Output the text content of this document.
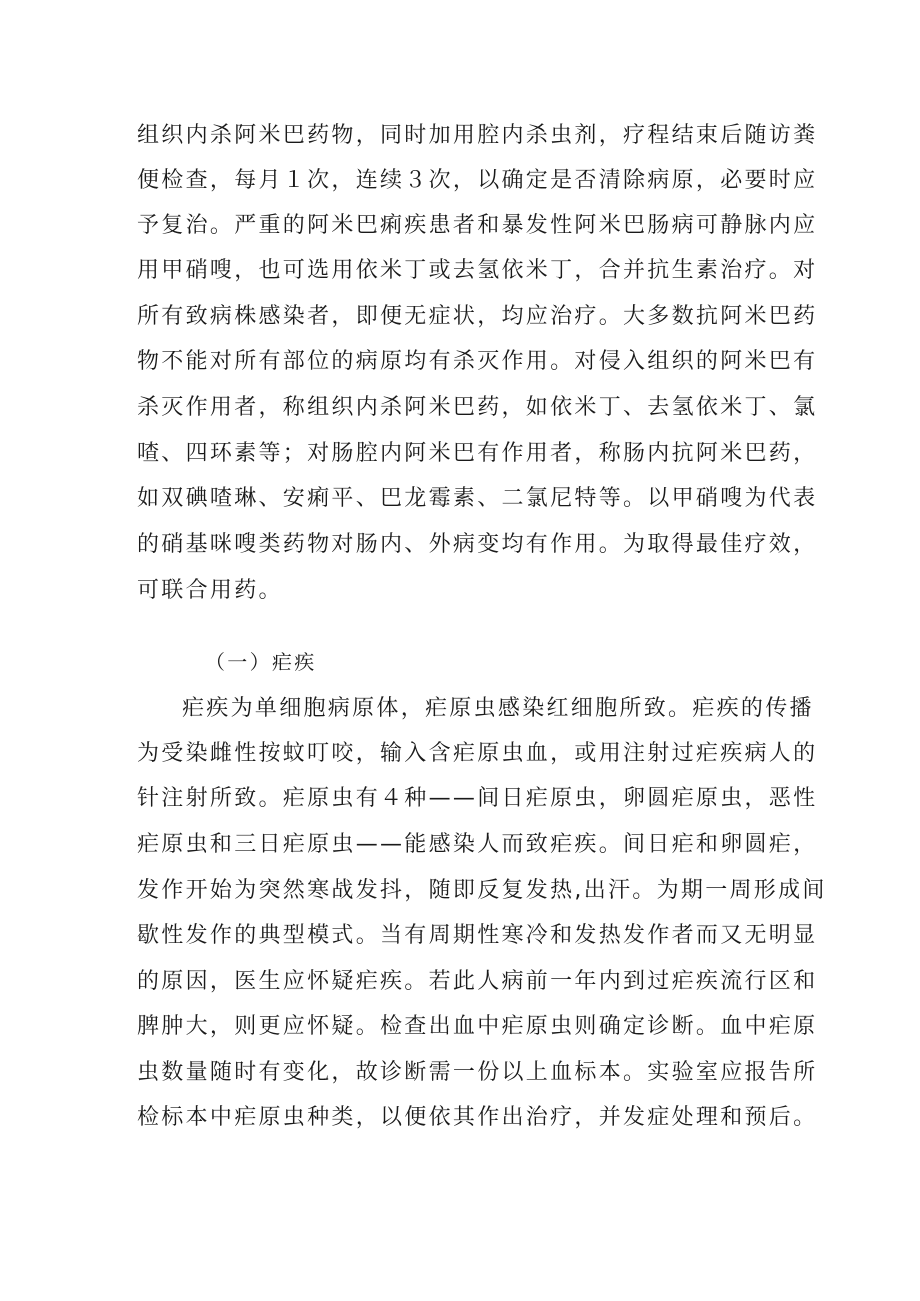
组织内杀阿米巴药物，同时加用腔内杀虫剂，疗程结束后随访粪
便检查，每月１次，连续３次，以确定是否清除病原，必要时应
予复治。严重的阿米巴痢疾患者和暴发性阿米巴肠病可静脉内应
用甲硝嗖，也可选用依米丁或去氢依米丁，合并抗生素治疗。对
所有致病株感染者，即便无症状，均应治疗。大多数抗阿米巴药
物不能对所有部位的病原均有杀灭作用。对侵入组织的阿米巴有
杀灭作用者，称组织内杀阿米巴药，如依米丁、去氢依米丁、氯
喳、四环素等；对肠腔内阿米巴有作用者，称肠内抗阿米巴药，
如双碘喳琳、安痢平、巴龙霉素、二氯尼特等。以甲硝嗖为代表
的硝基咪嗖类药物对肠内、外病变均有作用。为取得最佳疗效，
可联合用药。
（一）疟疾
疟疾为单细胞病原体，疟原虫感染红细胞所致。疟疾的传播
为受染雌性按蚊叮咬，输入含疟原虫血，或用注射过疟疾病人的
针注射所致。疟原虫有４种——间日疟原虫，卵圆疟原虫，恶性
疟原虫和三日疟原虫——能感染人而致疟疾。间日疟和卵圆疟，
发作开始为突然寒战发抖，随即反复发热,出汗。为期一周形成间
歇性发作的典型模式。当有周期性寒冷和发热发作者而又无明显
的原因，医生应怀疑疟疾。若此人病前一年内到过疟疾流行区和
脾肿大，则更应怀疑。检查出血中疟原虫则确定诊断。血中疟原
虫数量随时有变化，故诊断需一份以上血标本。实验室应报告所
检标本中疟原虫种类，以便依其作出治疗，并发症处理和预后。
